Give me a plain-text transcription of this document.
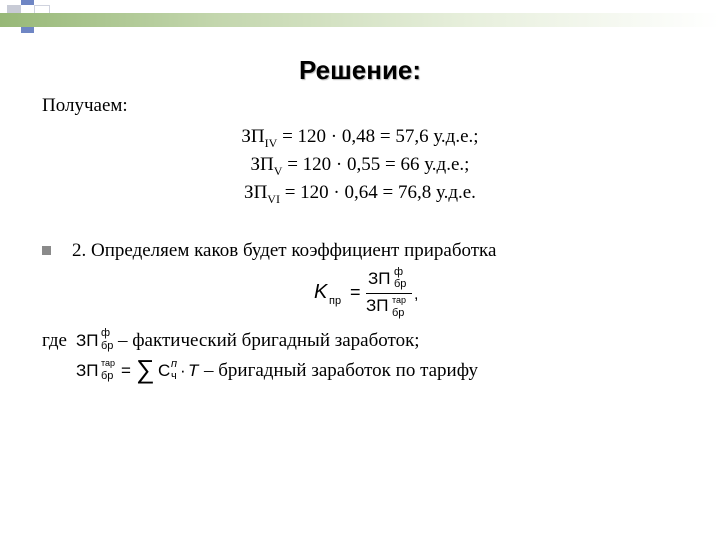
Решение:
Получаем:
$ЗП_{IV} = 120 \cdot 0,48 = 57,6$ у.д.е.;
$ЗП_V = 120 \cdot 0,55 = 66$ у.д.е.;
$ЗП_{VI} = 120 \cdot 0,64 = 76,8$ у.д.е.
2. Определяем каков будет коэффициент приработка
K пр =
ЗП ф
бр
ЗП тар
бр
,
где ЗП ф
бр – фактический бригадный заработок;
ЗП тар
бр = ∑ С п
ч · T – бригадный заработок по тарифу
